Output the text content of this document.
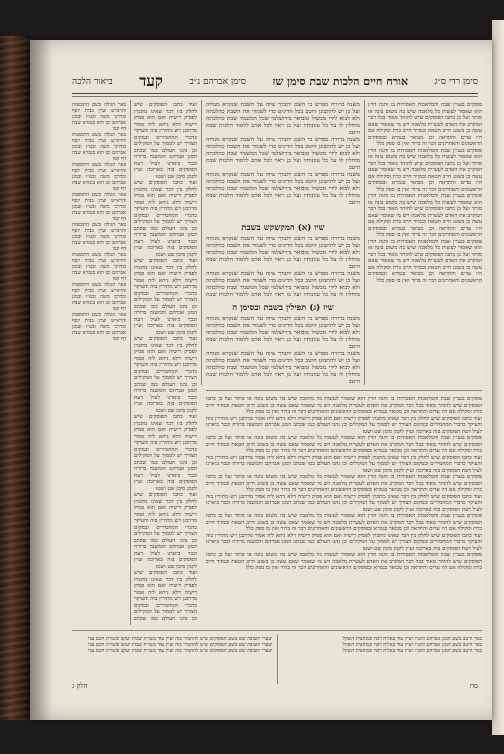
סימן רדי ס״ג
אורח חיים הלכות שבת סימן שז
סימן אברהם נ״ב
קעד
ביאור הלכה

פוסקים בעניין שבת והמלאכות האסורות בו והנה הדין הוא שאסור לעשות כל מלאכה שיש בה משום בונה או סותר ועל כן כתבו הפוסקים שיש להזהר מאוד בכל דבר המקרב את האדם לעשיית מלאכה ויש מי שאומר שאם עשה כן בשוגג חייב חטאת ובמזיד חייב כרת וסקילה אם היו עדים והתראה וכן מבואר בגמרא ובפוסקים הראשונים והאחרונים דבר זה ברור ואין בו ספק כלל

פוסקים בעניין שבת והמלאכות האסורות בו והנה הדין הוא שאסור לעשות כל מלאכה שיש בה משום בונה או סותר ועל כן כתבו הפוסקים שיש להזהר מאוד בכל דבר המקרב את האדם לעשיית מלאכה ויש מי שאומר שאם עשה כן בשוגג חייב חטאת ובמזיד חייב כרת וסקילה אם היו עדים והתראה וכן מבואר בגמרא ובפוסקים הראשונים והאחרונים דבר זה ברור ואין בו ספק כלל

פוסקים בעניין שבת והמלאכות האסורות בו והנה הדין הוא שאסור לעשות כל מלאכה שיש בה משום בונה או סותר ועל כן כתבו הפוסקים שיש להזהר מאוד בכל דבר המקרב את האדם לעשיית מלאכה ויש מי שאומר שאם עשה כן בשוגג חייב חטאת ובמזיד חייב כרת וסקילה אם היו עדים והתראה וכן מבואר בגמרא ובפוסקים הראשונים והאחרונים דבר זה ברור ואין בו ספק כלל

פוסקים בעניין שבת והמלאכות האסורות בו והנה הדין הוא שאסור לעשות כל מלאכה שיש בה משום בונה או סותר ועל כן כתבו הפוסקים שיש להזהר מאוד בכל דבר המקרב את האדם לעשיית מלאכה ויש מי שאומר שאם עשה כן בשוגג חייב חטאת ובמזיד חייב כרת וסקילה אם היו עדים והתראה וכן מבואר בגמרא ובפוסקים הראשונים והאחרונים דבר זה ברור ואין בו ספק כלל

משנה ברורה מפרש כי השם יתברך ציוה על השבת שנקרא מנוחה ועל כן יש להתבונן היטב בכל הדינים כדי לשמור את השבת כהלכתה ולא לבוא לידי מכשול ומבואר בירושלמי שכל המשמר שבת כהלכתה מוחלין לו על כל עוונותיו ועל כן ראוי לכל אדם ללמוד הלכות שבת היטב

משנה ברורה מפרש כי השם יתברך ציוה על השבת שנקרא מנוחה ועל כן יש להתבונן היטב בכל הדינים כדי לשמור את השבת כהלכתה ולא לבוא לידי מכשול ומבואר בירושלמי שכל המשמר שבת כהלכתה מוחלין לו על כל עוונותיו ועל כן ראוי לכל אדם ללמוד הלכות שבת היטב

משנה ברורה מפרש כי השם יתברך ציוה על השבת שנקרא מנוחה ועל כן יש להתבונן היטב בכל הדינים כדי לשמור את השבת כהלכתה ולא לבוא לידי מכשול ומבואר בירושלמי שכל המשמר שבת כהלכתה מוחלין לו על כל עוונותיו ועל כן ראוי לכל אדם ללמוד הלכות שבת היטב

שיו (א) המקשקש בשבת

משנה ברורה מפרש כי השם יתברך ציוה על השבת שנקרא מנוחה ועל כן יש להתבונן היטב בכל הדינים כדי לשמור את השבת כהלכתה ולא לבוא לידי מכשול ומבואר בירושלמי שכל המשמר שבת כהלכתה מוחלין לו על כל עוונותיו ועל כן ראוי לכל אדם ללמוד הלכות שבת היטב

משנה ברורה מפרש כי השם יתברך ציוה על השבת שנקרא מנוחה ועל כן יש להתבונן היטב בכל הדינים כדי לשמור את השבת כהלכתה ולא לבוא לידי מכשול ומבואר בירושלמי שכל המשמר שבת כהלכתה מוחלין לו על כל עוונותיו ועל כן ראוי לכל אדם ללמוד הלכות שבת

שיז (ג) תפילין בשבת ובסימן ה

משנה ברורה מפרש כי השם יתברך ציוה על השבת שנקרא מנוחה ועל כן יש להתבונן היטב בכל הדינים כדי לשמור את השבת כהלכתה ולא לבוא לידי מכשול ומבואר בירושלמי שכל המשמר שבת כהלכתה מוחלין לו על כל עוונותיו ועל כן ראוי לכל אדם ללמוד הלכות שבת היטב

משנה ברורה מפרש כי השם יתברך ציוה על השבת שנקרא מנוחה ועל כן יש להתבונן היטב בכל הדינים כדי לשמור את השבת כהלכתה ולא לבוא לידי מכשול ומבואר בירושלמי שכל המשמר שבת כהלכתה מוחלין לו על כל עוונותיו ועל כן ראוי לכל אדם ללמוד הלכות שבת היטב

ועוד כתבו הפוסקים שיש לחלק בין דבר שאינו מתכוין לפסיק רישיה ואם הוא פסיק רישיה דלא ניחא ליה אסור מדרבנן ויש מתירין בזה והעיקר כדברי המחמירים ובמקום הצורך יש לסמוך על המקילים וכן נהגו העולם כמו שכתב המגן אברהם והמשנה ברורה וכבר ביארנו לעיל דעת הפוסקים בזה בארוכה ועיין לקמן סימן שט ושטז

ועוד כתבו הפוסקים שיש לחלק בין דבר שאינו מתכוין לפסיק רישיה ואם הוא פסיק רישיה דלא ניחא ליה אסור מדרבנן ויש מתירין בזה והעיקר כדברי המחמירים ובמקום הצורך יש לסמוך על המקילים וכן נהגו העולם כמו שכתב המגן אברהם והמשנה ברורה וכבר ביארנו לעיל דעת הפוסקים בזה בארוכה ועיין לקמן סימן שט ושטז

ועוד כתבו הפוסקים שיש לחלק בין דבר שאינו מתכוין לפסיק רישיה ואם הוא פסיק רישיה דלא ניחא ליה אסור מדרבנן ויש מתירין בזה והעיקר כדברי המחמירים ובמקום הצורך יש לסמוך על המקילים וכן נהגו העולם כמו שכתב המגן אברהם והמשנה ברורה וכבר ביארנו לעיל דעת הפוסקים בזה בארוכה ועיין לקמן סימן שט ושטז

ועוד כתבו הפוסקים שיש לחלק בין דבר שאינו מתכוין לפסיק רישיה ואם הוא פסיק רישיה דלא ניחא ליה אסור מדרבנן ויש מתירין בזה והעיקר כדברי המחמירים ובמקום הצורך יש לסמוך על המקילים וכן נהגו העולם כמו שכתב המגן אברהם והמשנה ברורה וכבר ביארנו לעיל דעת הפוסקים בזה בארוכה ועיין לקמן סימן שט ושטז

ועוד כתבו הפוסקים שיש לחלק בין דבר שאינו מתכוין לפסיק רישיה ואם הוא פסיק רישיה דלא ניחא ליה אסור מדרבנן ויש מתירין בזה והעיקר כדברי המחמירים ובמקום הצורך יש לסמוך על המקילים וכן נהגו העולם כמו שכתב המגן אברהם והמשנה ברורה וכבר ביארנו לעיל דעת הפוסקים בזה בארוכה ועיין לקמן סימן שט ושטז

ועוד כתבו הפוסקים שיש לחלק בין דבר שאינו מתכוין לפסיק רישיה ואם הוא פסיק רישיה דלא ניחא ליה אסור מדרבנן ויש מתירין בזה והעיקר כדברי המחמירים ובמקום הצורך יש לסמוך על המקילים וכן נהגו העולם כמו שכתב המגן אברהם והמשנה ברורה וכבר ביארנו לעיל דעת הפוסקים בזה בארוכה ועיין לקמן סימן שט ושטז

ועוד כתבו הפוסקים שיש לחלק בין דבר שאינו מתכוין לפסיק רישיה ואם הוא פסיק רישיה דלא ניחא ליה אסור מדרבנן ויש מתירין בזה והעיקר כדברי המחמירים ובמקום הצורך יש לסמוך על המקילים וכן נהגו העולם כמו שכתב

באר הגולה בשם התוספות והרא״ש ועיין בבית יוסף ובדרכי משה ובט״ז ובמגן אברהם וכן הוא בגמרא שבת דף קמו

באר הגולה בשם התוספות והרא״ש ועיין בבית יוסף ובדרכי משה ובט״ז ובמגן אברהם וכן הוא בגמרא שבת דף קמו

באר הגולה בשם התוספות והרא״ש ועיין בבית יוסף ובדרכי משה ובט״ז ובמגן אברהם וכן הוא בגמרא שבת דף קמו

באר הגולה בשם התוספות והרא״ש ועיין בבית יוסף ובדרכי משה ובט״ז ובמגן אברהם וכן הוא בגמרא שבת דף קמו

באר הגולה בשם התוספות והרא״ש ועיין בבית יוסף ובדרכי משה ובט״ז ובמגן אברהם וכן הוא בגמרא שבת דף קמו

באר הגולה בשם התוספות והרא״ש ועיין בבית יוסף ובדרכי משה ובט״ז ובמגן אברהם וכן הוא בגמרא שבת דף קמו

באר הגולה בשם התוספות והרא״ש ועיין בבית יוסף ובדרכי משה ובט״ז ובמגן אברהם וכן הוא בגמרא שבת דף קמו

באר הגולה בשם התוספות והרא״ש ועיין בבית יוסף ובדרכי משה ובט״ז ובמגן אברהם וכן הוא בגמרא שבת דף קמו

פוסקים בעניין שבת והמלאכות האסורות בו והנה הדין הוא שאסור לעשות כל מלאכה שיש בה משום בונה או סותר ועל כן כתבו הפוסקים שיש להזהר מאוד בכל דבר המקרב את האדם לעשיית מלאכה ויש מי שאומר שאם עשה כן בשוגג חייב חטאת ובמזיד חייב כרת וסקילה אם היו עדים והתראה וכן מבואר בגמרא ובפוסקים הראשונים והאחרונים דבר זה ברור ואין בו ספק כלל

ועוד כתבו הפוסקים שיש לחלק בין דבר שאינו מתכוין לפסיק רישיה ואם הוא פסיק רישיה דלא ניחא ליה אסור מדרבנן ויש מתירין בזה והעיקר כדברי המחמירים ובמקום הצורך יש לסמוך על המקילים וכן נהגו העולם כמו שכתב המגן אברהם והמשנה ברורה וכבר ביארנו לעיל דעת הפוסקים בזה בארוכה ועיין לקמן סימן שט ושטז

פוסקים בעניין שבת והמלאכות האסורות בו והנה הדין הוא שאסור לעשות כל מלאכה שיש בה משום בונה או סותר ועל כן כתבו הפוסקים שיש להזהר מאוד בכל דבר המקרב את האדם לעשיית מלאכה ויש מי שאומר שאם עשה כן בשוגג חייב חטאת ובמזיד חייב כרת וסקילה אם היו עדים והתראה וכן מבואר בגמרא ובפוסקים הראשונים והאחרונים דבר זה ברור ואין בו ספק כלל

ועוד כתבו הפוסקים שיש לחלק בין דבר שאינו מתכוין לפסיק רישיה ואם הוא פסיק רישיה דלא ניחא ליה אסור מדרבנן ויש מתירין בזה והעיקר כדברי המחמירים ובמקום הצורך יש לסמוך על המקילים וכן נהגו העולם כמו שכתב המגן אברהם והמשנה ברורה וכבר ביארנו לעיל דעת הפוסקים בזה בארוכה ועיין לקמן סימן שט ושטז

פוסקים בעניין שבת והמלאכות האסורות בו והנה הדין הוא שאסור לעשות כל מלאכה שיש בה משום בונה או סותר ועל כן כתבו הפוסקים שיש להזהר מאוד בכל דבר המקרב את האדם לעשיית מלאכה ויש מי שאומר שאם עשה כן בשוגג חייב חטאת ובמזיד חייב כרת וסקילה אם היו עדים והתראה וכן מבואר בגמרא ובפוסקים הראשונים והאחרונים דבר זה ברור ואין בו ספק כלל

ועוד כתבו הפוסקים שיש לחלק בין דבר שאינו מתכוין לפסיק רישיה ואם הוא פסיק רישיה דלא ניחא ליה אסור מדרבנן ויש מתירין בזה והעיקר כדברי המחמירים ובמקום הצורך יש לסמוך על המקילים וכן נהגו העולם כמו שכתב המגן אברהם והמשנה ברורה וכבר ביארנו לעיל דעת הפוסקים בזה בארוכה ועיין לקמן סימן שט ושטז

פוסקים בעניין שבת והמלאכות האסורות בו והנה הדין הוא שאסור לעשות כל מלאכה שיש בה משום בונה או סותר ועל כן כתבו הפוסקים שיש להזהר מאוד בכל דבר המקרב את האדם לעשיית מלאכה ויש מי שאומר שאם עשה כן בשוגג חייב חטאת ובמזיד חייב כרת וסקילה אם היו עדים והתראה וכן מבואר בגמרא ובפוסקים הראשונים והאחרונים דבר זה ברור ואין בו ספק כלל

ועוד כתבו הפוסקים שיש לחלק בין דבר שאינו מתכוין לפסיק רישיה ואם הוא פסיק רישיה דלא ניחא ליה אסור מדרבנן ויש מתירין בזה והעיקר כדברי המחמירים ובמקום הצורך יש לסמוך על המקילים וכן נהגו העולם כמו שכתב המגן אברהם והמשנה ברורה וכבר ביארנו לעיל דעת הפוסקים בזה בארוכה ועיין לקמן סימן שט ושטז

פוסקים בעניין שבת והמלאכות האסורות בו והנה הדין הוא שאסור לעשות כל מלאכה שיש בה משום בונה או סותר ועל כן כתבו הפוסקים שיש להזהר מאוד בכל דבר המקרב את האדם לעשיית מלאכה ויש מי שאומר שאם עשה כן בשוגג חייב חטאת ובמזיד חייב כרת וסקילה אם היו עדים והתראה וכן מבואר בגמרא ובפוסקים הראשונים והאחרונים דבר זה ברור ואין בו ספק כלל

שערי תשובה שם בשם הפוסקים שיש להחמיר בזה ועיין עוד בשו״ת שבות יעקב ובשו״ת חכם צבי

שערי תשובה שם בשם הפוסקים שיש להחמיר בזה ועיין עוד בשו״ת שבות יעקב ובשו״ת חכם צבי

שערי תשובה שם בשם הפוסקים שיש להחמיר בזה ועיין עוד בשו״ת שבות יעקב ובשו״ת חכם צבי

באר היטב בשם המגן אברהם והט״ז ועיין עוד באליה רבה ובמחצית השקל

באר היטב בשם המגן אברהם והט״ז ועיין עוד באליה רבה ובמחצית השקל

באר היטב בשם המגן אברהם והט״ז ועיין עוד באליה רבה ובמחצית השקל

סה
חלק ג
